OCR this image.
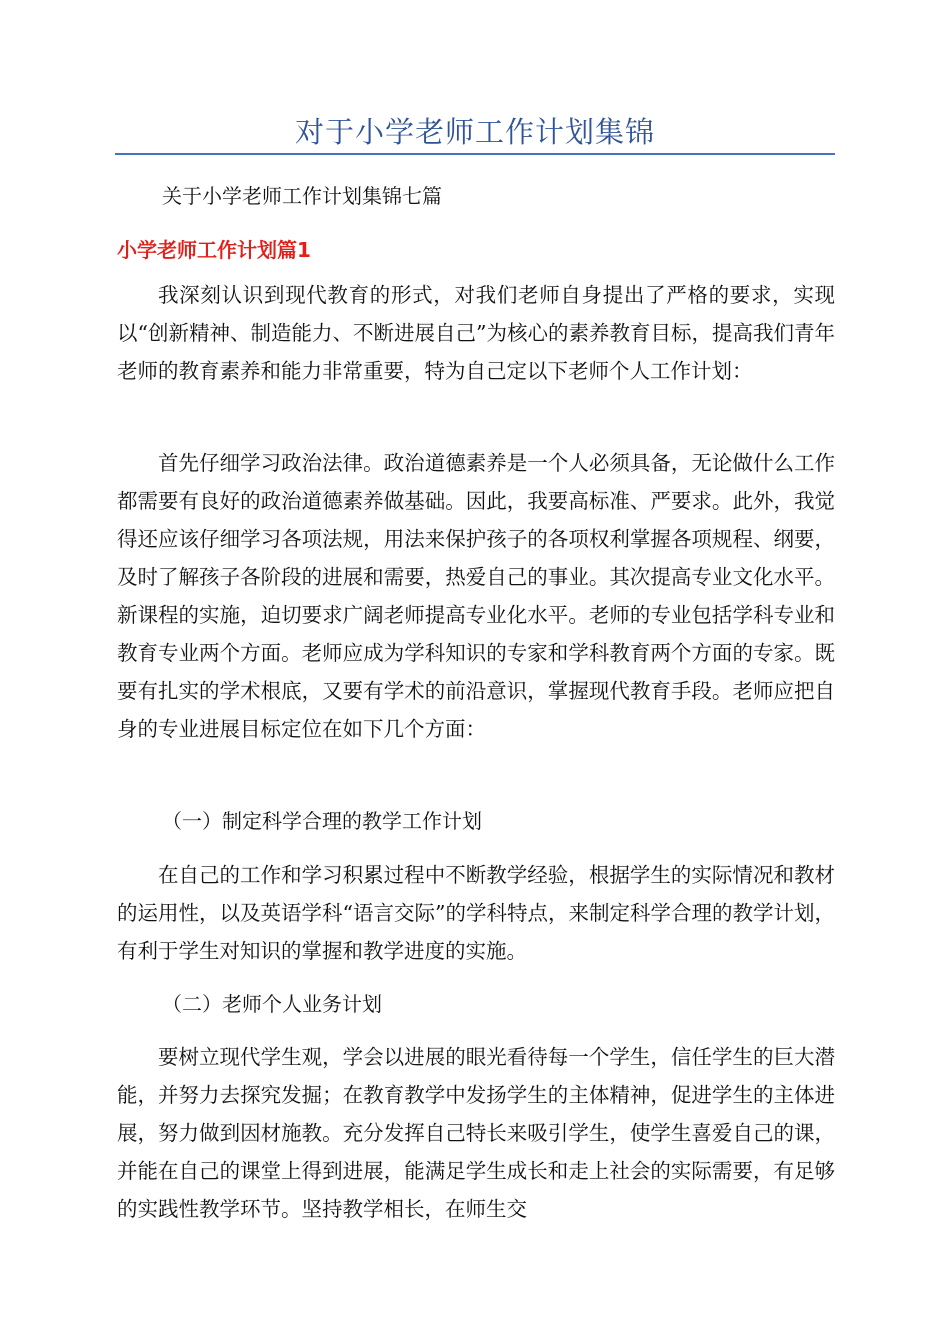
对于小学老师工作计划集锦
关于小学老师工作计划集锦七篇
小学老师工作计划篇1

我深刻认识到现代教育的形式，对我们老师自身提出了严格的要求，实现以“创新精神、制造能力、不断进展自己”为核心的素养教育目标，提高我们青年老师的教育素养和能力非常重要，特为自己定以下老师个人工作计划：

首先仔细学习政治法律。政治道德素养是一个人必须具备，无论做什么工作都需要有良好的政治道德素养做基础。因此，我要高标准、严要求。此外，我觉得还应该仔细学习各项法规，用法来保护孩子的各项权利掌握各项规程、纲要，及时了解孩子各阶段的进展和需要，热爱自己的事业。其次提高专业文化水平。新课程的实施，迫切要求广阔老师提高专业化水平。老师的专业包括学科专业和教育专业两个方面。老师应成为学科知识的专家和学科教育两个方面的专家。既要有扎实的学术根底，又要有学术的前沿意识，掌握现代教育手段。老师应把自身的专业进展目标定位在如下几个方面：

（一）制定科学合理的教学工作计划

在自己的工作和学习积累过程中不断教学经验，根据学生的实际情况和教材的运用性，以及英语学科“语言交际”的学科特点，来制定科学合理的教学计划，有利于学生对知识的掌握和教学进度的实施。

（二）老师个人业务计划

要树立现代学生观，学会以进展的眼光看待每一个学生，信任学生的巨大潜能，并努力去探究发掘；在教育教学中发扬学生的主体精神，促进学生的主体进展，努力做到因材施教。充分发挥自己特长来吸引学生，使学生喜爱自己的课，并能在自己的课堂上得到进展，能满足学生成长和走上社会的实际需要，有足够的实践性教学环节。坚持教学相长，在师生交
